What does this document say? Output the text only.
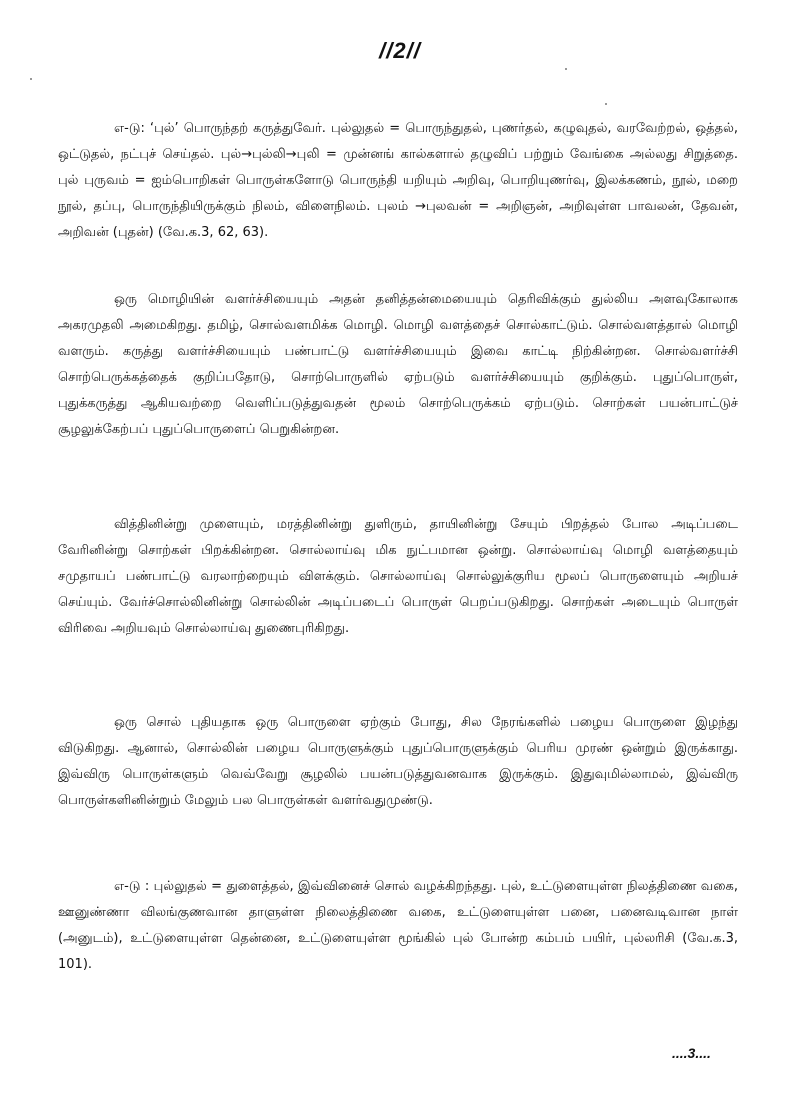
//2//

எ-டு: ‘புல்’ பொருந்தற் கருத்துவேர். புல்லுதல் = பொருந்துதல், புணர்தல், கழுவுதல், வரவேற்றல், ஒத்தல், ஒட்டுதல், நட்புச் செய்தல். புல்→புல்லி→புலி = முன்னங் கால்களால் தழுவிப் பற்றும் வேங்கை அல்லது சிறுத்தை. புல் புருவம் = ஐம்பொறிகள் பொருள்களோடு பொருந்தி யறியும் அறிவு, பொறியுணர்வு, இலக்கணம், நூல், மறை நூல், தப்பு, பொருந்தியிருக்கும் நிலம், விளைநிலம். புலம் →புலவன் = அறிஞன், அறிவுள்ள பாவலன், தேவன், அறிவன் (புதன்) (வே.க.3, 62, 63).

ஒரு மொழியின் வளர்ச்சியையும் அதன் தனித்தன்மையையும் தெரிவிக்கும் துல்லிய அளவுகோலாக அகரமுதலி அமைகிறது. தமிழ், சொல்வளமிக்க மொழி. மொழி வளத்தைச் சொல்காட்டும். சொல்வளத்தால் மொழி வளரும். கருத்து வளர்ச்சியையும் பண்பாட்டு வளர்ச்சியையும் இவை காட்டி நிற்கின்றன. சொல்வளர்ச்சி சொற்பெருக்கத்தைக் குறிப்பதோடு, சொற்பொருளில் ஏற்படும் வளர்ச்சியையும் குறிக்கும். புதுப்பொருள், புதுக்கருத்து ஆகியவற்றை வெளிப்படுத்துவதன் மூலம் சொற்பெருக்கம் ஏற்படும். சொற்கள் பயன்பாட்டுச் சூழலுக்கேற்பப் புதுப்பொருளைப் பெறுகின்றன.

வித்தினின்று முளையும், மரத்தினின்று துளிரும், தாயினின்று சேயும் பிறத்தல் போல அடிப்படை வேரினின்று சொற்கள் பிறக்கின்றன. சொல்லாய்வு மிக நுட்பமான ஒன்று. சொல்லாய்வு மொழி வளத்தையும் சமுதாயப் பண்பாட்டு வரலாற்றையும் விளக்கும். சொல்லாய்வு சொல்லுக்குரிய மூலப் பொருளையும் அறியச் செய்யும். வேர்ச்சொல்லினின்று சொல்லின் அடிப்படைப் பொருள் பெறப்படுகிறது. சொற்கள் அடையும் பொருள் விரிவை அறியவும் சொல்லாய்வு துணைபுரிகிறது.

ஒரு சொல் புதியதாக ஒரு பொருளை ஏற்கும் போது, சில நேரங்களில் பழைய பொருளை இழந்து விடுகிறது. ஆனால், சொல்லின் பழைய பொருளுக்கும் புதுப்பொருளுக்கும் பெரிய முரண் ஒன்றும் இருக்காது. இவ்விரு பொருள்களும் வெவ்வேறு சூழலில் பயன்படுத்துவனவாக இருக்கும். இதுவுமில்லாமல், இவ்விரு பொருள்களினின்றும் மேலும் பல பொருள்கள் வளர்வதுமுண்டு.

எ-டு : புல்லுதல் = துளைத்தல், இவ்வினைச் சொல் வழக்கிறந்தது. புல், உட்டுளையுள்ள நிலத்திணை வகை, ஊனுண்ணா விலங்குணவான தாளுள்ள நிலைத்திணை வகை, உட்டுளையுள்ள பனை, பனைவடிவான நாள் (அனுடம்), உட்டுளையுள்ள தென்னை, உட்டுளையுள்ள மூங்கில் புல் போன்ற கம்பம் பயிர், புல்லரிசி (வே.க.3, 101).

....3....
